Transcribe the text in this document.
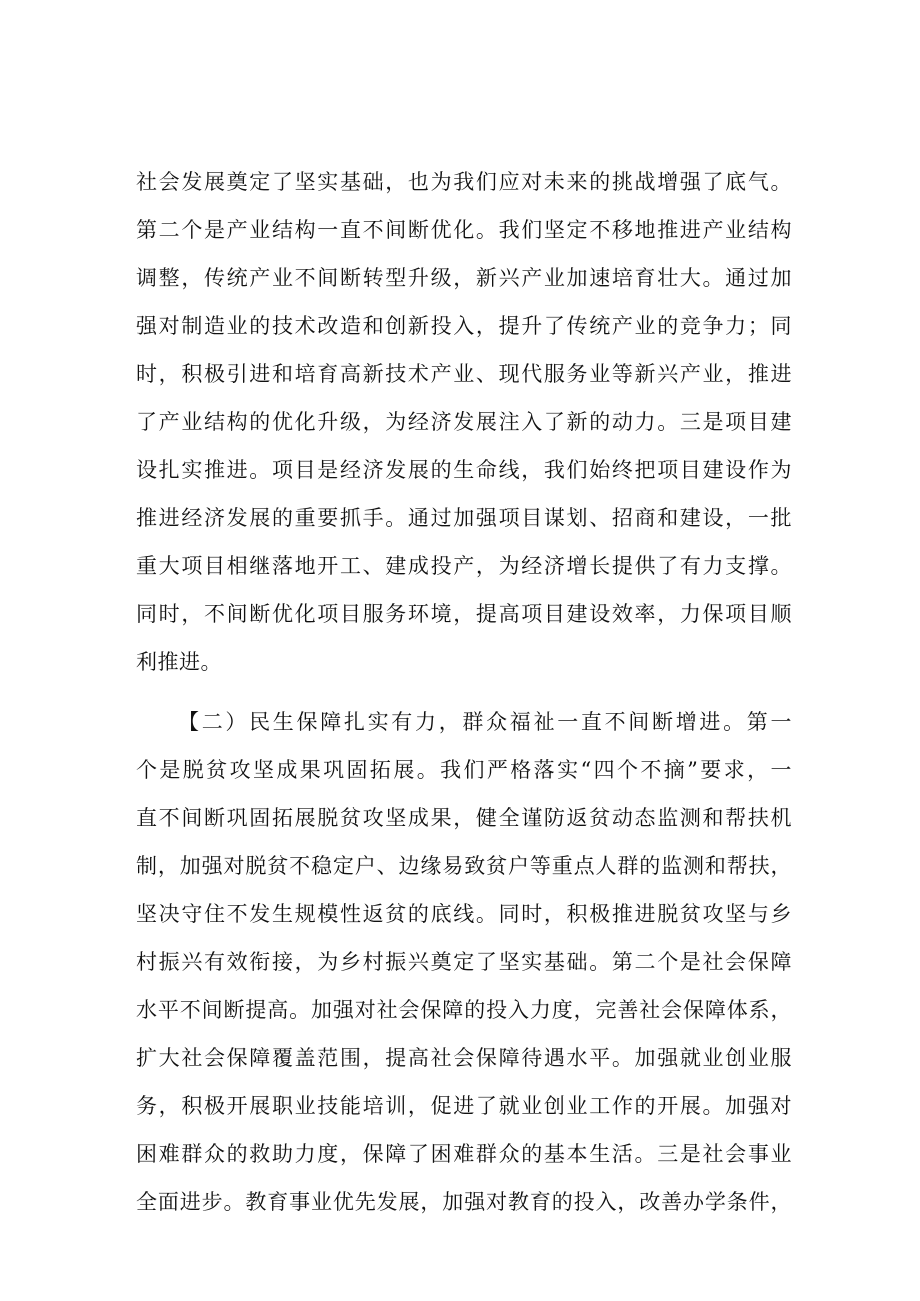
社会发展奠定了坚实基础，也为我们应对未来的挑战增强了底气。
第二个是产业结构一直不间断优化。我们坚定不移地推进产业结构
调整，传统产业不间断转型升级，新兴产业加速培育壮大。通过加
强对制造业的技术改造和创新投入，提升了传统产业的竞争力；同
时，积极引进和培育高新技术产业、现代服务业等新兴产业，推进
了产业结构的优化升级，为经济发展注入了新的动力。三是项目建
设扎实推进。项目是经济发展的生命线，我们始终把项目建设作为
推进经济发展的重要抓手。通过加强项目谋划、招商和建设，一批
重大项目相继落地开工、建成投产，为经济增长提供了有力支撑。
同时，不间断优化项目服务环境，提高项目建设效率，力保项目顺
利推进。
【二）民生保障扎实有力，群众福祉一直不间断增进。第一
个是脱贫攻坚成果巩固拓展。我们严格落实“四个不摘”要求，一
直不间断巩固拓展脱贫攻坚成果，健全谨防返贫动态监测和帮扶机
制，加强对脱贫不稳定户、边缘易致贫户等重点人群的监测和帮扶，
坚决守住不发生规模性返贫的底线。同时，积极推进脱贫攻坚与乡
村振兴有效衔接，为乡村振兴奠定了坚实基础。第二个是社会保障
水平不间断提高。加强对社会保障的投入力度，完善社会保障体系，
扩大社会保障覆盖范围，提高社会保障待遇水平。加强就业创业服
务，积极开展职业技能培训，促进了就业创业工作的开展。加强对
困难群众的救助力度，保障了困难群众的基本生活。三是社会事业
全面进步。教育事业优先发展，加强对教育的投入，改善办学条件，
